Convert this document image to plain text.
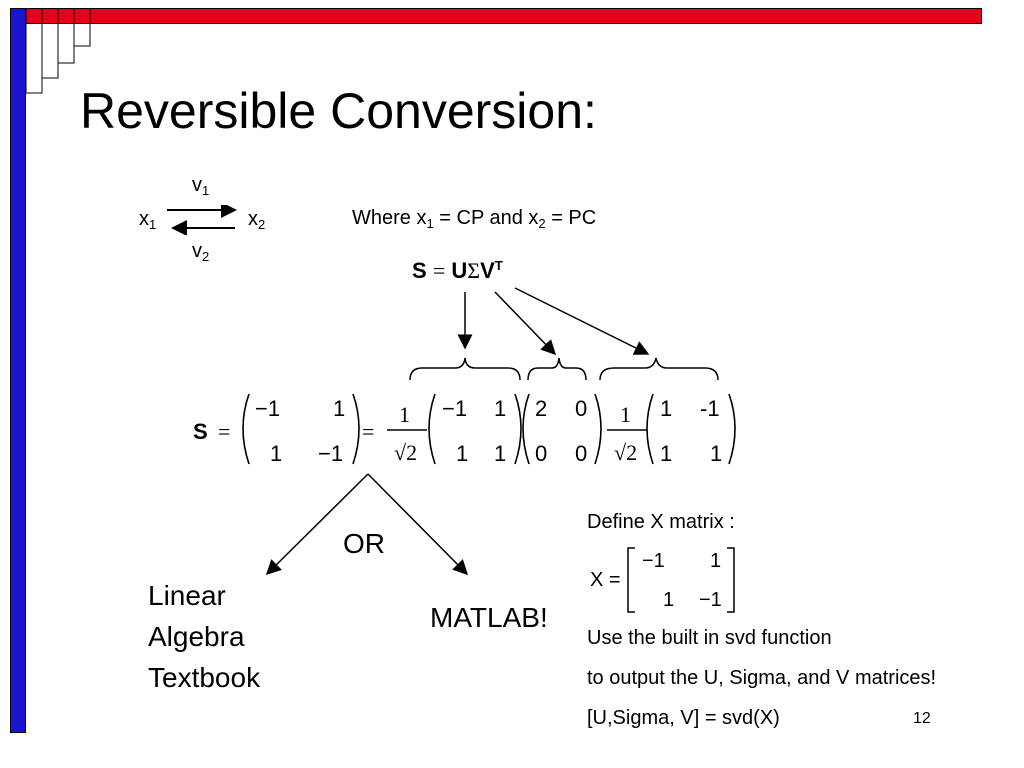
Reversible Conversion:
$x_1$	$x_2$
$v_1$
$v_2$
Where $x_1$ = CP and $x_2$ = PC
$S = U\Sigma V^T$
S =	=
−1 1
1 −1
1
√2
−1 1
1 1
2 0
0 0
1
√2
1 -1
1 1
OR
Linear
Algebra
Textbook
MATLAB!
Define X matrix :
X =
−1 1
1 −1
Use the built in svd function
to output the U, Sigma, and V matrices!
[U,Sigma, V] = svd(X)	12
